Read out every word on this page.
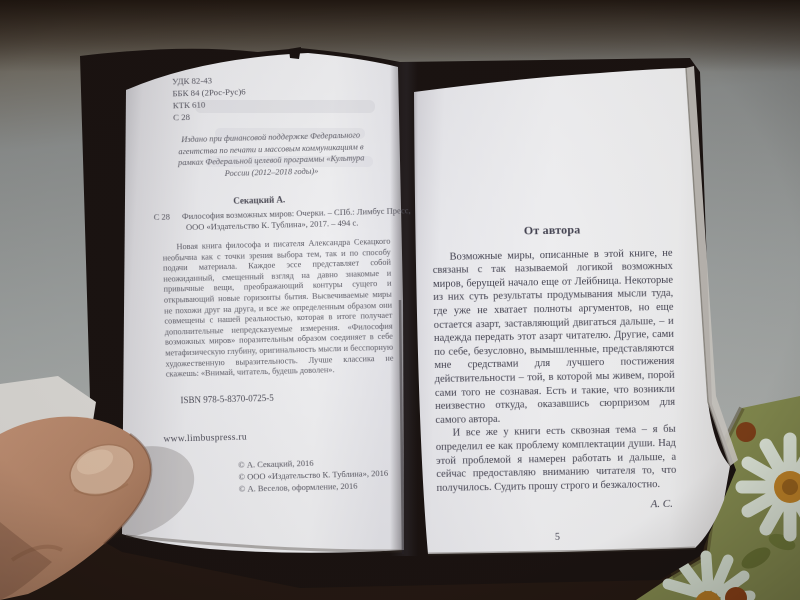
УДК 82-43
ББК 84 (2Рос-Рус)6
КТК 610
С 28
Издано при финансовой поддержке Федерального агентства по печати и массовым коммуникациям в рамках Федеральной целевой программы «Культура России (2012–2018 годы)»
Секацкий А.
С 28 Философия возможных миров: Очерки. – СПб.: Лимбус Пресс, ООО «Издательство К. Тублина», 2017. – 494 с.
Новая книга философа и писателя Александра Секацкого необычна как с точки зрения выбора тем, так и по способу подачи материала. Каждое эссе представляет собой неожиданный, смещенный взгляд на давно знакомые и привычные вещи, преображающий контуры сущего и открывающий новые горизонты бытия. Высвечиваемые миры не похожи друг на друга, и все же определенным образом они совмещены с нашей реальностью, которая в итоге получает дополнительные непредсказуемые измерения. «Философия возможных миров» поразительным образом соединяет в себе метафизическую глубину, оригинальность мысли и бесспорную художественную выразительность. Лучше классика не скажешь: «Внимай, читатель, будешь доволен».
ISBN 978-5-8370-0725-5
www.limbuspress.ru
© А. Секацкий, 2016
© ООО «Издательство К. Тублина», 2016
© А. Веселов, оформление, 2016
От автора
Возможные миры, описанные в этой книге, не связаны с так называемой логикой возможных миров, берущей начало еще от Лейбница. Некоторые из них суть результаты продумывания мысли туда, где уже не хватает полноты аргументов, но еще остается азарт, заставляющий двигаться дальше, – и надежда передать этот азарт читателю. Другие, сами по себе, безусловно, вымышленные, представляются мне средствами для лучшего постижения действительности – той, в которой мы живем, порой сами того не сознавая. Есть и такие, что возникли неизвестно откуда, оказавшись сюрпризом для самого автора.
И все же у книги есть сквозная тема – я бы определил ее как проблему комплектации души. Над этой проблемой я намерен работать и дальше, а сейчас предоставляю вниманию читателя то, что получилось. Судить прошу строго и безжалостно.
А. С.
5
